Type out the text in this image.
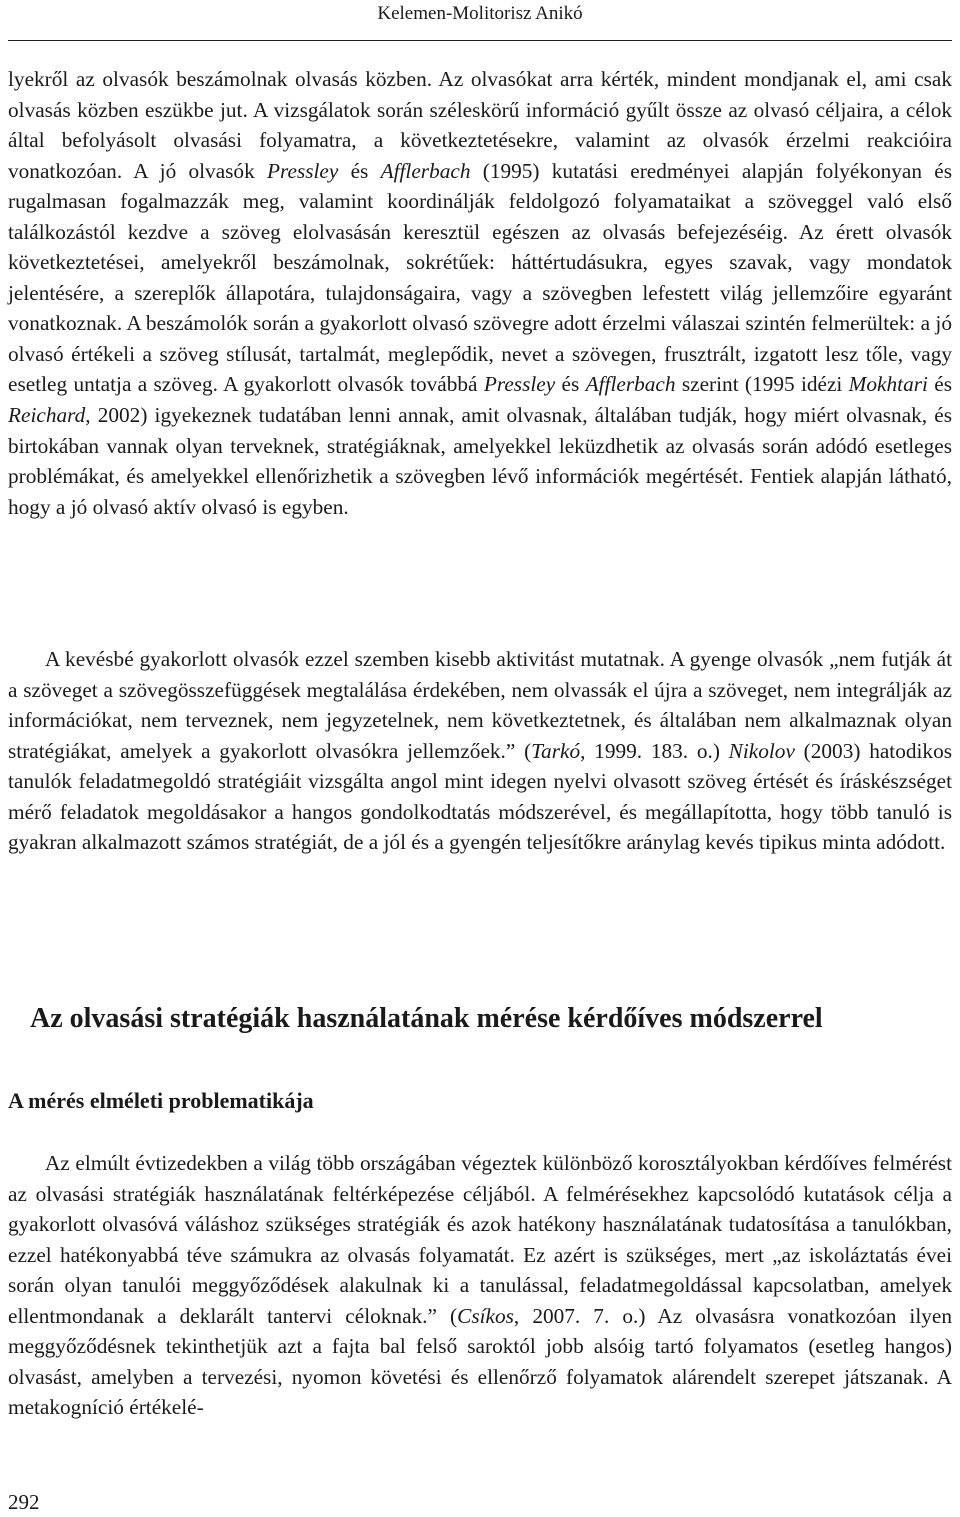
Kelemen-Molitorisz Anikó

lyekről az olvasók beszámolnak olvasás közben. Az olvasókat arra kérték, mindent mondjanak el, ami csak olvasás közben eszükbe jut. A vizsgálatok során széleskörű információ gyűlt össze az olvasó céljaira, a célok által befolyásolt olvasási folyamatra, a következtetésekre, valamint az olvasók érzelmi reakcióira vonatkozóan. A jó olvasók Pressley és Afflerbach (1995) kutatási eredményei alapján folyékonyan és rugalmasan fogalmazzák meg, valamint koordinálják feldolgozó folyamataikat a szöveggel való első találkozástól kezdve a szöveg elolvasásán keresztül egészen az olvasás befejezéséig. Az érett olvasók következtetései, amelyekről beszámolnak, sokrétűek: háttértudásukra, egyes szavak, vagy mondatok jelentésére, a szereplők állapotára, tulajdonságaira, vagy a szövegben lefestett világ jellemzőire egyaránt vonatkoznak. A beszámolók során a gyakorlott olvasó szövegre adott érzelmi válaszai szintén felmerültek: a jó olvasó értékeli a szöveg stílusát, tartalmát, meglepődik, nevet a szövegen, frusztrált, izgatott lesz tőle, vagy esetleg untatja a szöveg. A gyakorlott olvasók továbbá Pressley és Afflerbach szerint (1995 idézi Mokhtari és Reichard, 2002) igyekeznek tudatában lenni annak, amit olvasnak, általában tudják, hogy miért olvasnak, és birtokában vannak olyan terveknek, stratégiáknak, amelyekkel leküzdhetik az olvasás során adódó esetleges problémákat, és amelyekkel ellenőrizhetik a szövegben lévő információk megértését. Fentiek alapján látható, hogy a jó olvasó aktív olvasó is egyben.

A kevésbé gyakorlott olvasók ezzel szemben kisebb aktivitást mutatnak. A gyenge olvasók „nem futják át a szöveget a szövegösszefüggések megtalálása érdekében, nem olvassák el újra a szöveget, nem integrálják az információkat, nem terveznek, nem jegyzetelnek, nem következtetnek, és általában nem alkalmaznak olyan stratégiákat, amelyek a gyakorlott olvasókra jellemzőek.” (Tarkó, 1999. 183. o.) Nikolov (2003) hatodikos tanulók feladatmegoldó stratégiáit vizsgálta angol mint idegen nyelvi olvasott szöveg értését és íráskészséget mérő feladatok megoldásakor a hangos gondolkodtatás módszerével, és megállapította, hogy több tanuló is gyakran alkalmazott számos stratégiát, de a jól és a gyengén teljesítőkre aránylag kevés tipikus minta adódott.

Az olvasási stratégiák használatának mérése kérdőíves módszerrel
A mérés elméleti problematikája

Az elmúlt évtizedekben a világ több országában végeztek különböző korosztályokban kérdőíves felmérést az olvasási stratégiák használatának feltérképezése céljából. A felmérésekhez kapcsolódó kutatások célja a gyakorlott olvasóvá váláshoz szükséges stratégiák és azok hatékony használatának tudatosítása a tanulókban, ezzel hatékonyabbá téve számukra az olvasás folyamatát. Ez azért is szükséges, mert „az iskoláztatás évei során olyan tanulói meggyőződések alakulnak ki a tanulással, feladatmegoldással kapcsolatban, amelyek ellentmondanak a deklarált tantervi céloknak.” (Csíkos, 2007. 7. o.) Az olvasásra vonatkozóan ilyen meggyőződésnek tekinthetjük azt a fajta bal felső saroktól jobb alsóig tartó folyamatos (esetleg hangos) olvasást, amelyben a tervezési, nyomon követési és ellenőrző folyamatok alárendelt szerepet játszanak. A metakogníció értékelé-

292
